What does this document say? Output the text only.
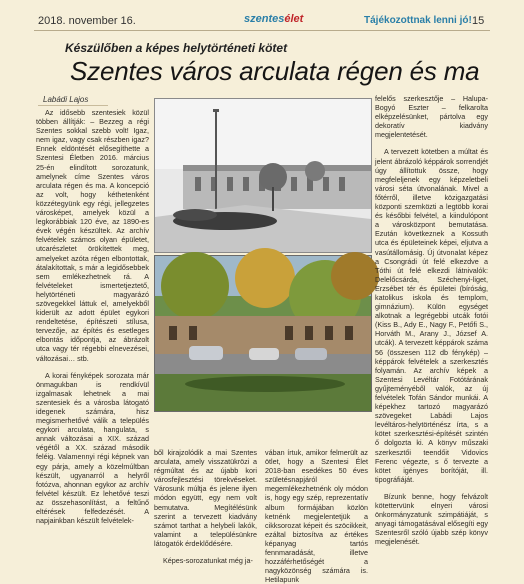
2018. november 16.	szentesélet	Tájékozottnak lenni jó! 15
Készülőben a képes helytörténeti kötet
Szentes város arculata régen és ma
Labádi Lajos

Az idősebb szentesiek közül többen állítják: – Bezzeg a régi Szentes sokkal szebb volt! Igaz, nem igaz, vagy csak részben igaz? Ennek eldöntését elősegíthette a Szentesi Életben 2016. március 25-én elindított sorozatunk, amelynek címe Szentes város arculata régen és ma. A koncepció az volt, hogy kéthetenként közzétegyünk egy régi, jellegzetes városképet, amelyek közül a legkorábbiak 120 éve, az 1890-es évek végén készültek. Az archív felvételek számos olyan épületet, utcarészletet örökítettek meg, amelyeket azóta régen elbontottak, átalakítottak, s már a legidősebbek sem emlékezhetnek rá. A felvételeket ismertetjeztető, helytörténeti magyarázó szövegekkel láttuk el, amelyekből kiderült az adott épület egykori rendeltetése, építészeti stílusa, tervezője, az építés és esetleges elbontás időpontja, az ábrázolt utca vagy tér régebbi elnevezései, változásai… stb.

A korai fényképek sorozata már önmagukban is rendkívül izgalmasak lehetnek a mai szentesiek és a városba látogató idegenek számára, hisz megismerhetővé válik a település egykori arculata, hangulata, s annak változásai a XIX. század végétől a XX. század második feléig. Valamennyi régi képnek van egy párja, amely a közelmúltban készült, ugyanarról a helyről fotózva, ahonnan egykor az archív felvétel készült. Ez lehetővé teszi az összehasonlítást, a feltűnő eltérések felfedezését. A napjainkban készült felvételek-

ből kirajzolódik a mai Szentes arculata, amely visszatükrözi a régmúltat és az újabb kori városfejlesztési törekvéseket. Városunk múltja és jelene ilyen módon együtt, egy nem volt bemutatva. Megítélésünk szerint a tervezett kiadvány számot tarthat a helybeli lakók, valamint a településünkre látogatók érdeklődésére.

Képes-sorozatunkat még ja-

vában írtuk, amikor felmerült az ötlet, hogy a Szentesi Élet 2018-ban esedékes 50 éves születésnapjáról megemlékezhetnénk oly módon is, hogy egy szép, reprezentatív album formájában közlön ketnénk megjelentetjük a cikksorozat képeit és szöcikkeit, ezáltal biztosítva az értékes képanyag tartós fennmaradását, illetve hozzáférhetőségét a nagyközönség számára is. Hetilapunk

felelős szerkesztője – Halupa-Bogyó Eszter – felkarolta elképzelésünket, pártolva egy dekoratív kiadvány megjelentetését.

A tervezett kötetben a múltat és jelent ábrázoló képpárok sorrendjét úgy állítottuk össze, hogy megfeleljenek egy képzeletbeli városi séta útvonalának. Mivel a főtérről, illetve közigazgatási központi szemközti a legtöbb korai és későbbi felvétel, a kiindulópont a városközpont bemutatása. Ezután következnek a Kossuth utca és épületeinek képei, eljutva a vasútállomásig. Új útvonalat képez a Csongrádi út felé elkezdve a Tóthi út felé elkezdi látnivalók: Delelőcsárda, Széchenyi-liget, Erzsébet tér és épületei (bíróság, katolikus iskola és templom, gimnázium). Külön egységet alkotnak a legrégebbi utcák fotói (Kiss B., Ady E., Nagy F., Petőfi S., Horváth M., Arany J., József A. utcák). A tervezett képpárok száma 56 (összesen 112 db fénykép) – képpárok felvételek a szerkesztés folyamán. Az archív képek a Szentesi Levéltár Fotótárának gyűjteményéből valók, az új felvételek Tofán Sándor munkái. A képekhez tartozó magyarázó szövegeket Labádi Lajos levéltáros-helytörténész írta, s a kötet szerkesztési-építését szintén ő dolgozta ki. A könyv műszaki szerkesztői teendőit Vidovics Ferenc végezte, s ő tervezte a kötet igényes borítóját, ill. tipográfiáját.

Bízunk benne, hogy felvázolt kötettervünk elnyeri városi önkormányzatunk szimpátiáját, s anyagi támogatásával elősegíti egy Szentesről szóló újabb szép könyv megjelenését.
